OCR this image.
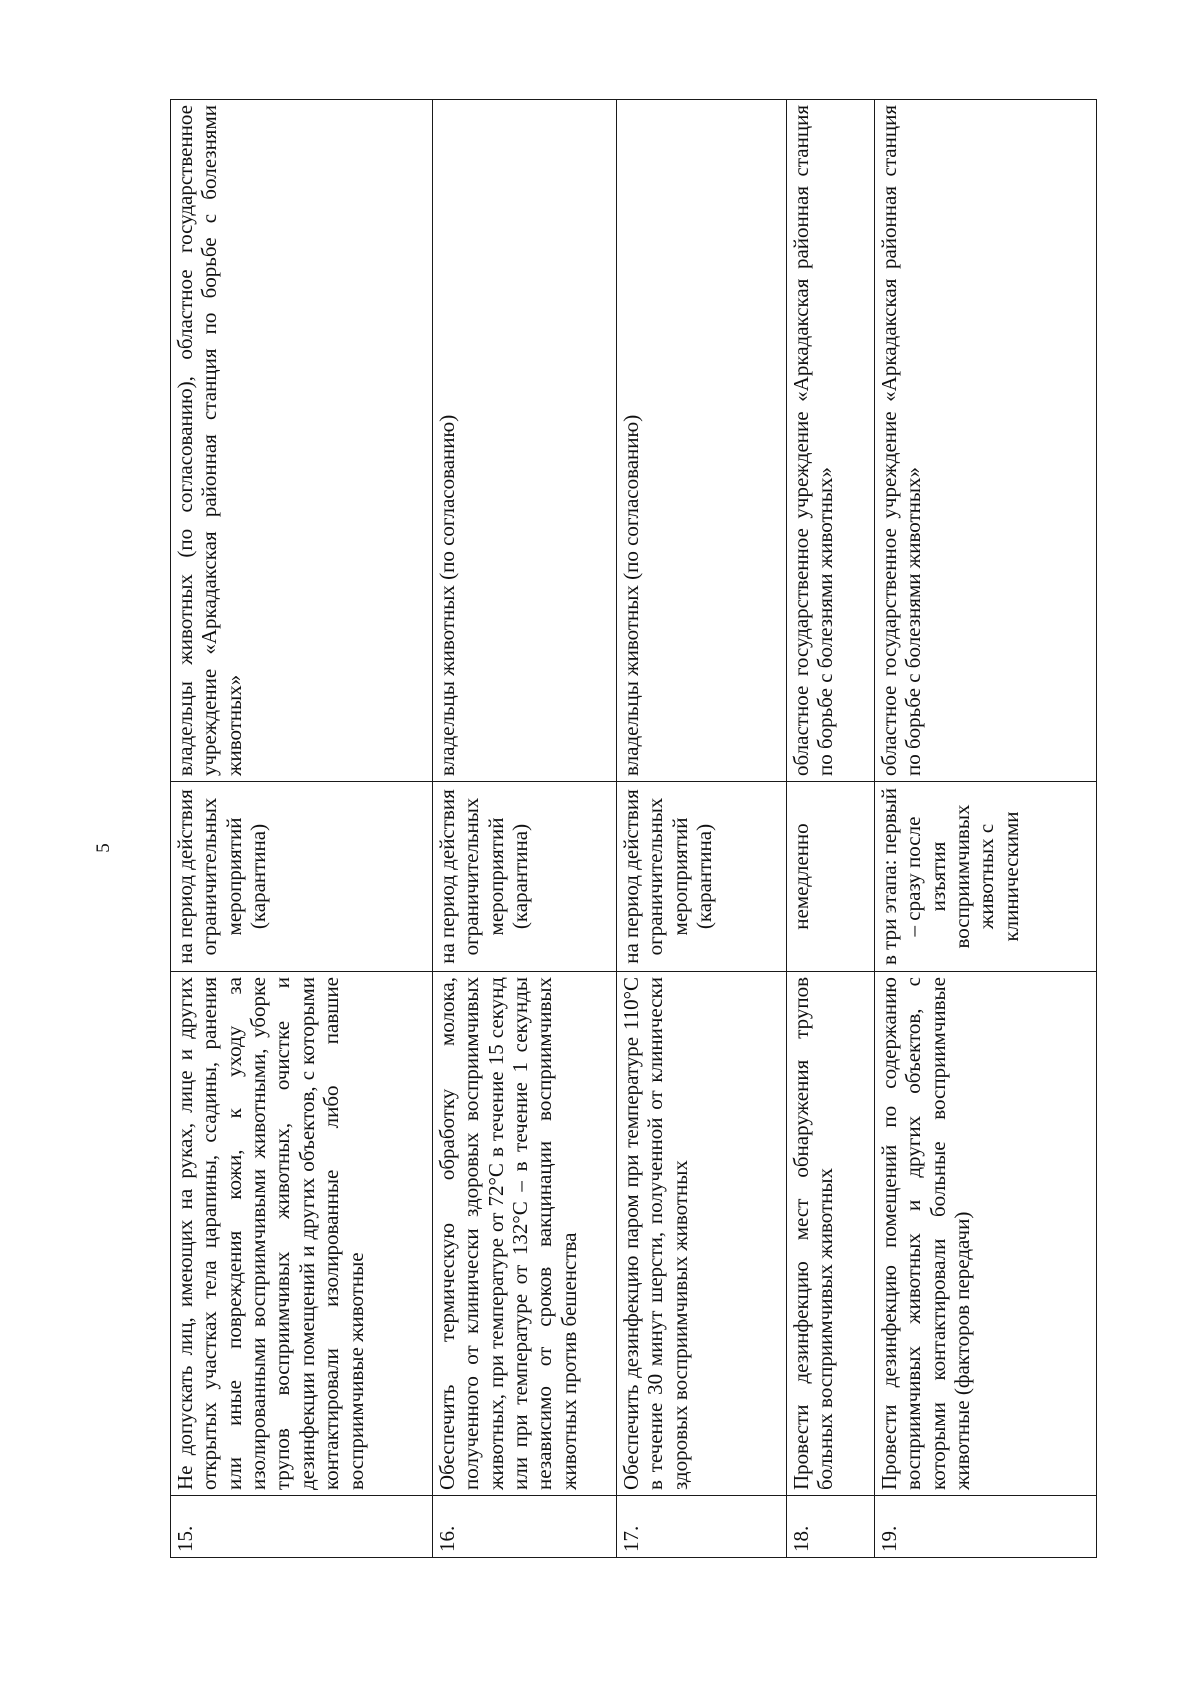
5
15.	Не допускать лиц, имеющих на руках, лице и других открытых участках тела царапины, ссадины, ранения или иные повреждения кожи, к уходу за изолированными восприимчивыми животными, уборке трупов восприимчивых животных, очистке и дезинфекции помещений и других объектов, с которыми контактировали изолированные либо павшие восприимчивые животные	на период действия ограничительных мероприятий (карантина)	владельцы животных (по согласованию), областное государственное учреждение «Аркадакская районная станция по борьбе с болезнями животных»
16.	Обеспечить термическую обработку молока, полученного от клинически здоровых восприимчивых животных, при температуре от 72°С в течение 15 секунд или при температуре от 132°С – в течение 1 секунды независимо от сроков вакцинации восприимчивых животных против бешенства	на период действия ограничительных мероприятий (карантина)	владельцы животных (по согласованию)
17.	Обеспечить дезинфекцию паром при температуре 110°С в течение 30 минут шерсти, полученной от клинически здоровых восприимчивых животных	на период действия ограничительных мероприятий (карантина)	владельцы животных (по согласованию)
18.	Провести дезинфекцию мест обнаружения трупов больных восприимчивых животных	немедленно	областное государственное учреждение «Аркадакская районная станция по борьбе с болезнями животных»
19.	Провести дезинфекцию помещений по содержанию восприимчивых животных и других объектов, с которыми контактировали больные восприимчивые животные (факторов передачи)	в три этапа: первый – сразу после изъятия восприимчивых животных с клиническими	областное государственное учреждение «Аркадакская районная станция по борьбе с болезнями животных»
